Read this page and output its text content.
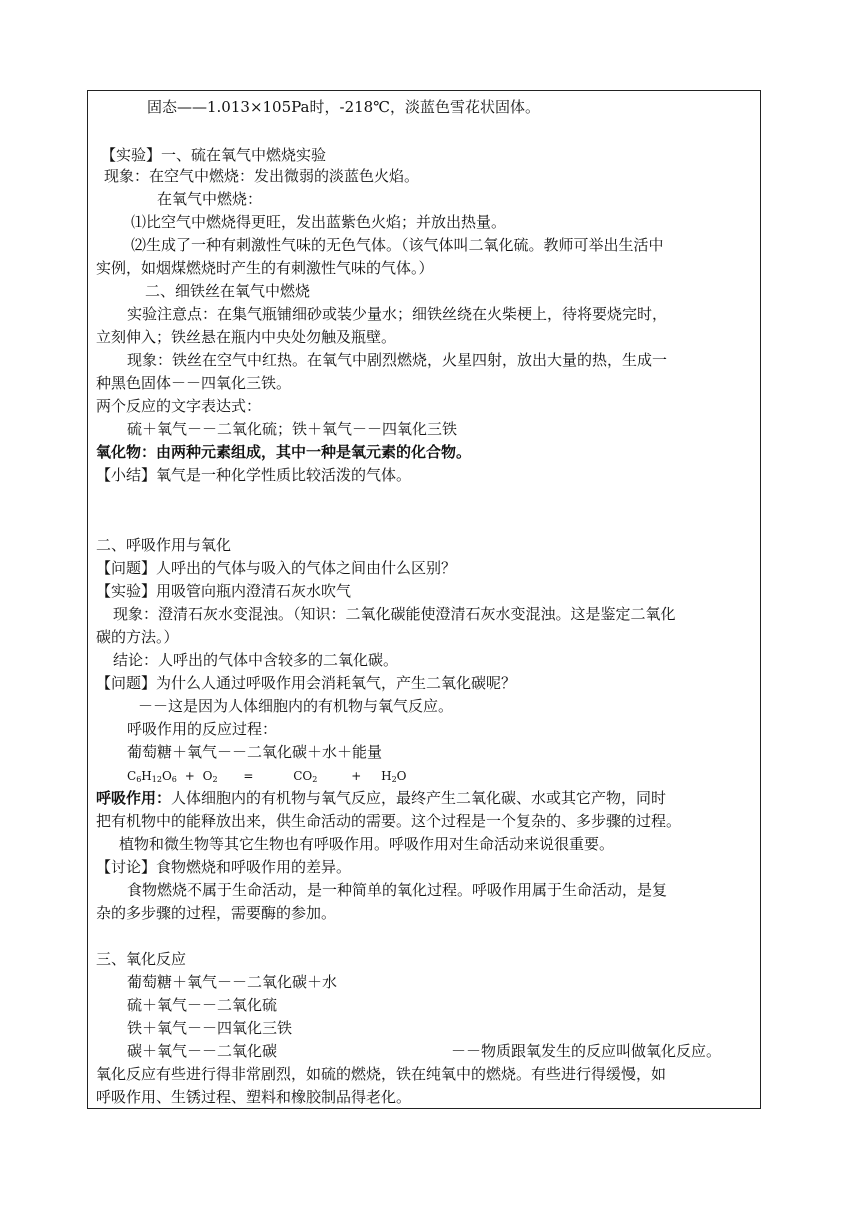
固态——1.013×105Pa时，-218℃，淡蓝色雪花状固体。
【实验】一、硫在氧气中燃烧实验
现象：在空气中燃烧：发出微弱的淡蓝色火焰。
在氧气中燃烧：
⑴比空气中燃烧得更旺，发出蓝紫色火焰；并放出热量。
⑵生成了一种有刺激性气味的无色气体。（该气体叫二氧化硫。教师可举出生活中
实例，如烟煤燃烧时产生的有刺激性气味的气体。）
二、细铁丝在氧气中燃烧
实验注意点：在集气瓶铺细砂或装少量水；细铁丝绕在火柴梗上，待将要烧完时，
立刻伸入；铁丝悬在瓶内中央处勿触及瓶壁。
现象：铁丝在空气中红热。在氧气中剧烈燃烧，火星四射，放出大量的热，生成一
种黑色固体－－四氧化三铁。
两个反应的文字表达式：
硫＋氧气－－二氧化硫；铁＋氧气－－四氧化三铁
氧化物：由两种元素组成，其中一种是氧元素的化合物。
【小结】氧气是一种化学性质比较活泼的气体。
二、呼吸作用与氧化
【问题】人呼出的气体与吸入的气体之间由什么区别？
【实验】用吸管向瓶内澄清石灰水吹气
现象：澄清石灰水变混浊。（知识：二氧化碳能使澄清石灰水变混浊。这是鉴定二氧化
碳的方法。）
结论：人呼出的气体中含较多的二氧化碳。
【问题】为什么人通过呼吸作用会消耗氧气，产生二氧化碳呢？
－－这是因为人体细胞内的有机物与氧气反应。
呼吸作用的反应过程：
葡萄糖＋氧气－－二氧化碳＋水＋能量
$C_6H_{12}O_6 + O_2$ =	$CO_2$	+ $H_2O$
呼吸作用：人体细胞内的有机物与氧气反应，最终产生二氧化碳、水或其它产物，同时
把有机物中的能释放出来，供生命活动的需要。这个过程是一个复杂的、多步骤的过程。
植物和微生物等其它生物也有呼吸作用。呼吸作用对生命活动来说很重要。
【讨论】食物燃烧和呼吸作用的差异。
食物燃烧不属于生命活动，是一种简单的氧化过程。呼吸作用属于生命活动，是复
杂的多步骤的过程，需要酶的参加。
三、氧化反应
葡萄糖＋氧气－－二氧化碳＋水
硫＋氧气－－二氧化硫
铁＋氧气－－四氧化三铁
碳＋氧气－－二氧化碳	－－物质跟氧发生的反应叫做氧化反应。
氧化反应有些进行得非常剧烈，如硫的燃烧，铁在纯氧中的燃烧。有些进行得缓慢，如
呼吸作用、生锈过程、塑料和橡胶制品得老化。
